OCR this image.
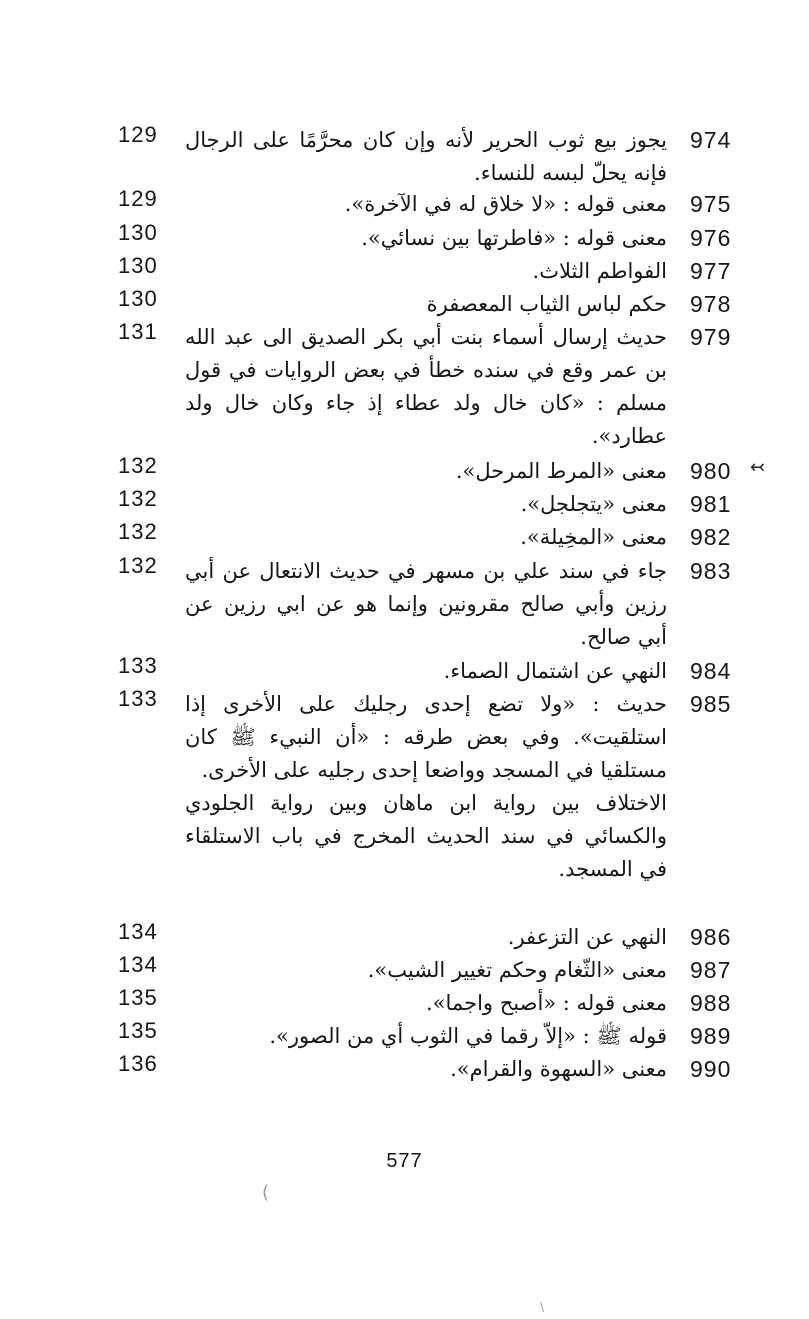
974

يجوز بيع ثوب الحرير لأنه وإن كان محرَّمًا على الرجال فإنه يحلّ لبسه للنساء.

129
975

معنى قوله : «لا خلاق له في الآخرة».

129
976

معنى قوله : «فاطرتها بين نسائي».

130
977

الفواطم الثلاث.

130
978

حكم لباس الثياب المعصفرة

130
979

حديث إرسال أسماء بنت أبي بكر الصديق الى عبد الله بن عمر وقع في سنده خطأ في بعض الروايات في قول مسلم : «كان خال ولد عطاء إذ جاء وكان خال ولد عطارد».

131
980	↢

معنى «المرط المرحل».

132
981

معنى «يتجلجل».

132
982

معنى «المخِيلة».

132
983

جاء في سند علي بن مسهر في حديث الانتعال عن أبي رزين وأبي صالح مقرونين وإنما هو عن ابي رزين عن أبي صالح.

132
984

النهي عن اشتمال الصماء.

133
985

حديث : «ولا تضع إحدى رجليك على الأخرى إذا استلقيت». وفي بعض طرقه : «أن النبيء ﷺ كان مستلقيا في المسجد وواضعا إحدى رجليه على الأخرى.

الاختلاف بين رواية ابن ماهان وبين رواية الجلودي والكسائي في سند الحديث المخرج في باب الاستلقاء في المسجد.

133
986

النهي عن التزعفر.

134
987

معنى «الثّغام وحكم تغيير الشيب».

134
988

معنى قوله : «أصبح واجما».

135
989

قوله ﷺ : «إلاّ رقما في الثوب أي من الصور».

135
990

معنى «السهوة والقرام».

136
577
(
\
